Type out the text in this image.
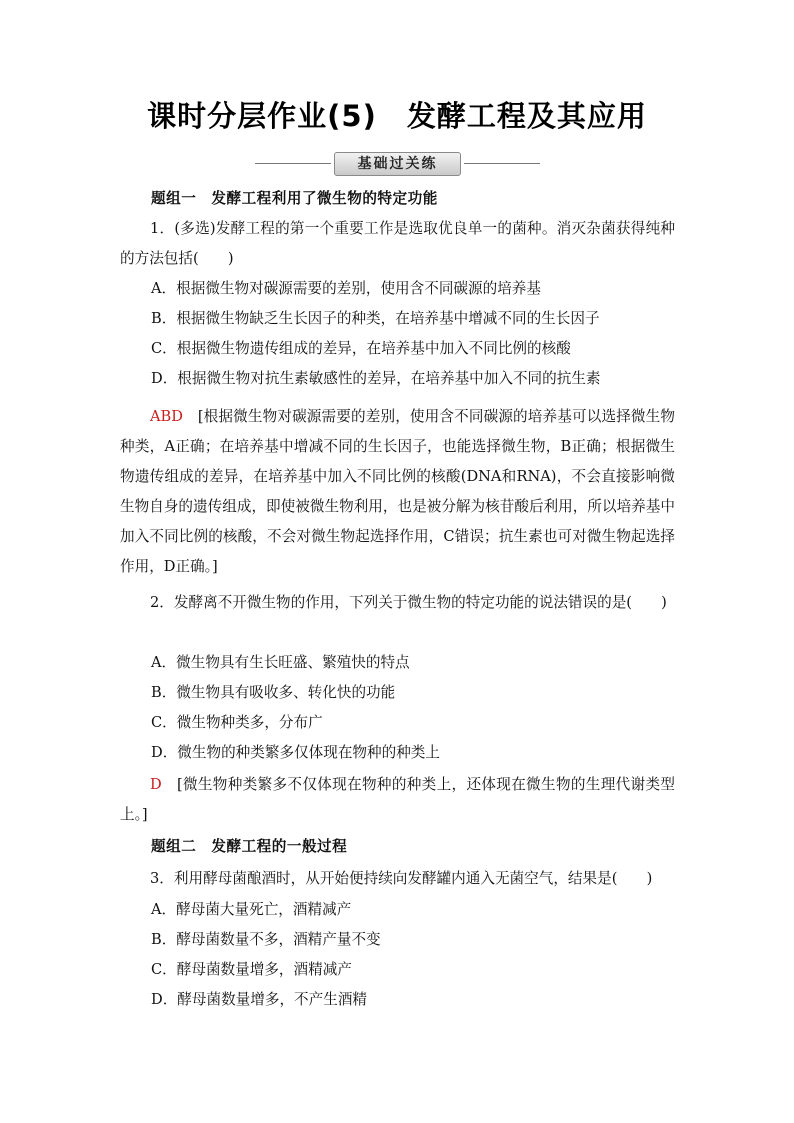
课时分层作业(5)　发酵工程及其应用
基础过关练
题组一　发酵工程利用了微生物的特定功能

1．(多选)发酵工程的第一个重要工作是选取优良单一的菌种。消灭杂菌获得纯种的方法包括(　　)

A．根据微生物对碳源需要的差别，使用含不同碳源的培养基
B．根据微生物缺乏生长因子的种类，在培养基中增减不同的生长因子
C．根据微生物遗传组成的差异，在培养基中加入不同比例的核酸
D．根据微生物对抗生素敏感性的差异，在培养基中加入不同的抗生素

ABD　 [根据微生物对碳源需要的差别，使用含不同碳源的培养基可以选择微生物种类，A正确；在培养基中增减不同的生长因子，也能选择微生物，B正确；根据微生物遗传组成的差异，在培养基中加入不同比例的核酸(DNA和RNA)，不会直接影响微生物自身的遗传组成，即使被微生物利用，也是被分解为核苷酸后利用，所以培养基中加入不同比例的核酸，不会对微生物起选择作用，C错误；抗生素也可对微生物起选择作用，D正确。]

2．发酵离不开微生物的作用，下列关于微生物的特定功能的说法错误的是(　　)

A．微生物具有生长旺盛、繁殖快的特点
B．微生物具有吸收多、转化快的功能
C．微生物种类多，分布广
D．微生物的种类繁多仅体现在物种的种类上

D　 [微生物种类繁多不仅体现在物种的种类上，还体现在微生物的生理代谢类型上。]

题组二　发酵工程的一般过程

3．利用酵母菌酿酒时，从开始便持续向发酵罐内通入无菌空气，结果是(　　)

A．酵母菌大量死亡，酒精减产
B．酵母菌数量不多，酒精产量不变
C．酵母菌数量增多，酒精减产
D．酵母菌数量增多，不产生酒精
